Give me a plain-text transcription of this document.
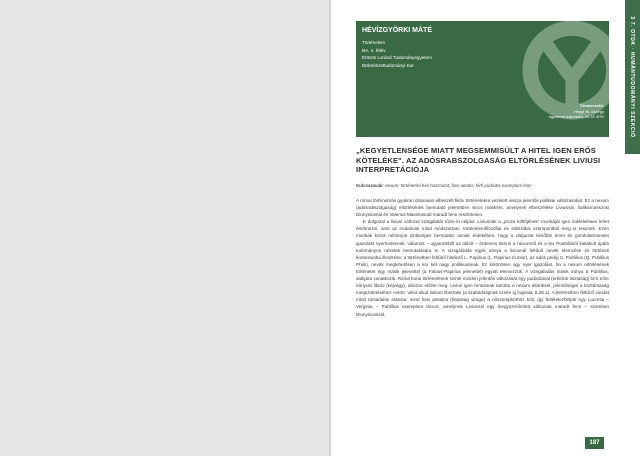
3 7. OTDK · HUMÁNTUDOMÁNYI SZEKCIÓ
HÉVÍZGYÖRKI MÁTÉ
Történelem
BA, 4. félév
Eötvös Loránd Tudományegyetem
Bölcsészettudományi Kar
Témavezető:
Hegyi W. György
egyetemi adjunktus, ELTE BTK
„KEGYETLENSÉGE MIATT MEGSEMMISÜLT A HITEL IGEN ERŐS KÖTELÉKE". AZ ADÓSRABSZOLGASÁG ELTÖRLÉSÉNEK LIVIUSI INTERPRETÁCIÓJA
Kulcsszavak: nexum; történetíró hév hasznalat; fiosi aetatis; férfi pudicitia exemplum-lánc

A római történetírás gyakran drámaian elbeszélt fiktív történetekre vezetett vissza jelentős politikai változásokat. Ez a nexum (adósrabszolgaság) eltörlésének bemutató jelenetben sincs másként, amelynek elbeszélése Liviusnál, halikarnasszosi Dionysiosnál és Valerius Maximusnál maradt fenn részletesen.

E dolgozat a liviusi változat vizsgálatát tűzte ki céljául. Liviusnak a „proza költőjének" munkáját igen sokfelelésen lehet értelmezni, amit az irodalmak mind módszertani, történelemfilozófiai és stilisztikai szempontból meg is tesznek. Ezen munkák közül néhányat szükséges bemutatni annak érdekében, hogy a dolgozat későbbi érvei és gondolatmenetei igazolást nyerhessenek, valamint – ugyanebből az okból – érdemes kitérni a nexumról és a lex Poeteliáról kialakult újabb tudományos nézetek bemutatására is. A vizsgálódás egyik iránya a liviusnál feltűnő nevek elemzése és történeti kontextusba illesztése: a történetben feltűnő hitelező L. Papirius (L. Papirius Cursor), az adós pedig C. Publilius (Q. Publilius Philo), nevük meglehetősen a kor két nagy politikusának. Ez különösen úgy nyer igazolást, ha a nexum eltörlésének történetet egy másik jelenettel (a Fabius-Papirius jelenettel) együtt elemezzük. A vizsgálódás másik iránya a Publilius, alakjára vonatkozik. Róma korai történetének szinte minden jelentős változását egy pudicitiával (erkölcsi tisztaság) bíró nőre irányuló libido (kéjvágy), abúzus előzte meg. Livius igen fontosnak tartotta a nexum eltörlését, jelentőséget a köztársaság megszületéséhez mérte: velut aliud initium libertatis (a szabadságnak szinte új hajnala; 8.28.1). A történetben feltűnő vonást mind társadalmi státusa, mind fiosi aetatisa (fiatalság virága) a nőszerepkörhöz köti, így feltételezhetjük egy Lucretia – Verginia – Publilius exemplum láncot, amelynek Liviusnál egy leegyszerűsített változata maradt fenn – szemben Dionysiosszal.

187
